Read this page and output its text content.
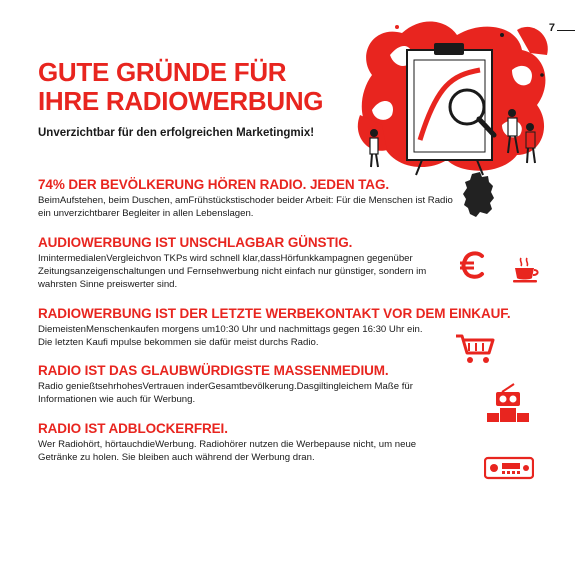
7
GUTE GRÜNDE FÜR
IHRE RADIOWERBUNG

Unverzichtbar für den erfolgreichen Marketingmix!

74% DER BEVÖLKERUNG HÖREN RADIO. JEDEN TAG.

BeimAufstehen, beim Duschen, amFrühstückstischoder beider Arbeit: Für die Menschen ist Radio ein unverzichtbarer Begleiter in allen Lebenslagen.

AUDIOWERBUNG IST UNSCHLAGBAR GÜNSTIG.

ImintermedialenVergleichvon TKPs wird schnell klar,dassHörfunkkampagnen gegenüber Zeitungsanzeigenschaltungen und Fernsehwerbung nicht einfach nur günstiger, sondern im wahrsten Sinne preiswerter sind.

RADIOWERBUNG IST DER LETZTE WERBEKONTAKT VOR DEM EINKAUF.

DiemeistenMenschenkaufen morgens um10:30 Uhr und nachmittags gegen 16:30 Uhr ein. Die letzten Kaufi mpulse bekommen sie dafür meist durchs Radio.

RADIO IST DAS GLAUBWÜRDIGSTE MASSENMEDIUM.

Radio genießtsehrhohesVertrauen inderGesamtbevölkerung.Dasgiltingleichem Maße für Informationen wie auch für Werbung.

RADIO IST ADBLOCKERFREI.

Wer Radiohört, hörtauchdieWerbung. Radiohörer nutzen die Werbepause nicht, um neue Getränke zu holen. Sie bleiben auch während der Werbung dran.
